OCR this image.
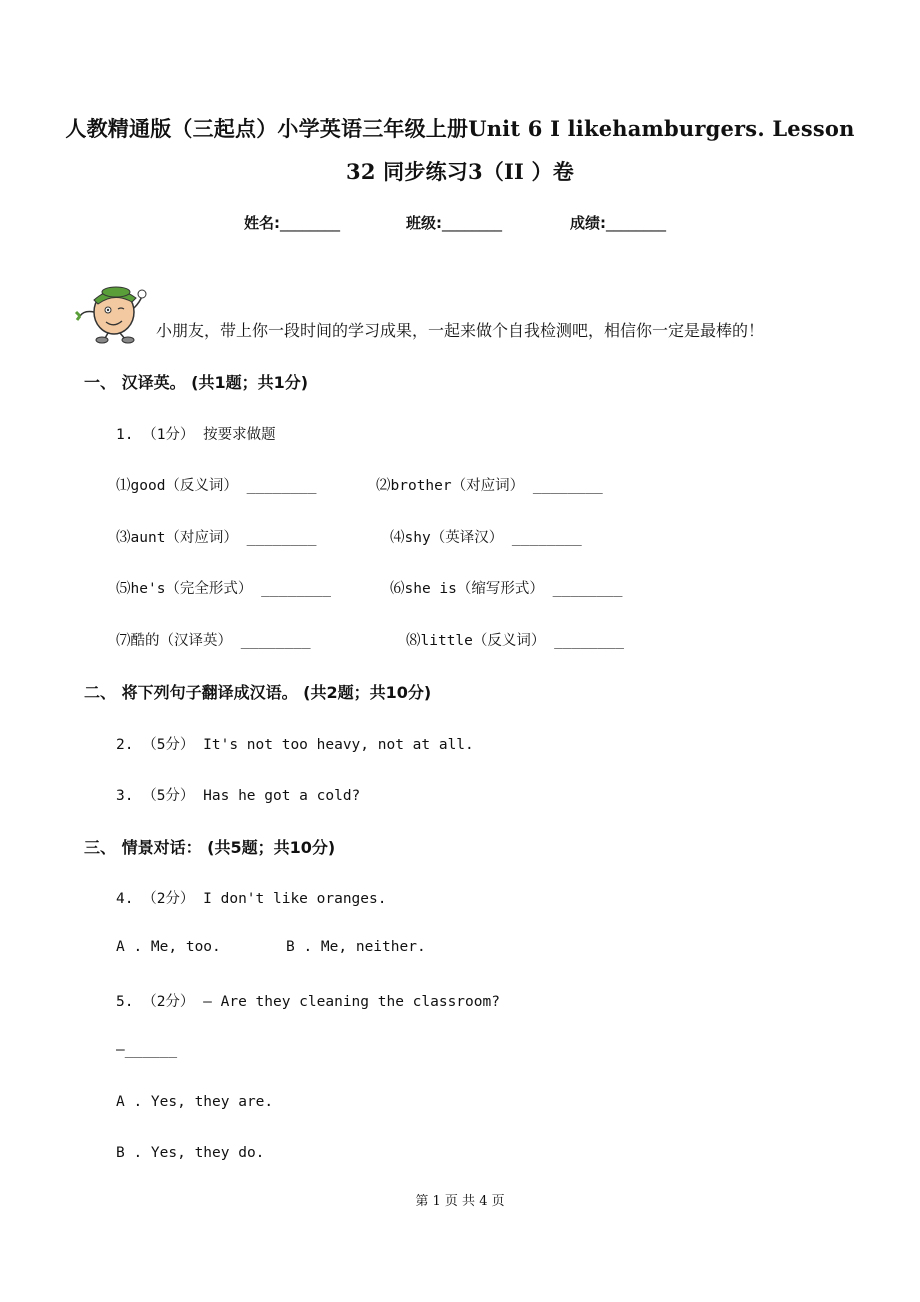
人教精通版（三起点）小学英语三年级上册Unit 6 I likehamburgers. Lesson
32 同步练习3（II ）卷
姓名:________	班级:________	成绩:________
小朋友，带上你一段时间的学习成果，一起来做个自我检测吧，相信你一定是最棒的！
一、 汉译英。 (共1题；共1分)
1. （1分） 按要求做题
⑴good（反义词） ________	⑵brother（对应词） ________
⑶aunt（对应词） ________	⑷shy（英译汉） ________
⑸he's（完全形式） ________	⑹she is（缩写形式） ________
⑺酷的（汉译英） ________	⑻little（反义词） ________
二、 将下列句子翻译成汉语。 (共2题；共10分)
2. （5分） It's not too heavy, not at all.
3. （5分） Has he got a cold?
三、 情景对话： (共5题；共10分)
4. （2分） I don't like oranges.
A . Me, too.	B . Me, neither.
5. （2分） — Are they cleaning the classroom?
—______
A . Yes, they are.
B . Yes, they do.
第 1 页 共 4 页
